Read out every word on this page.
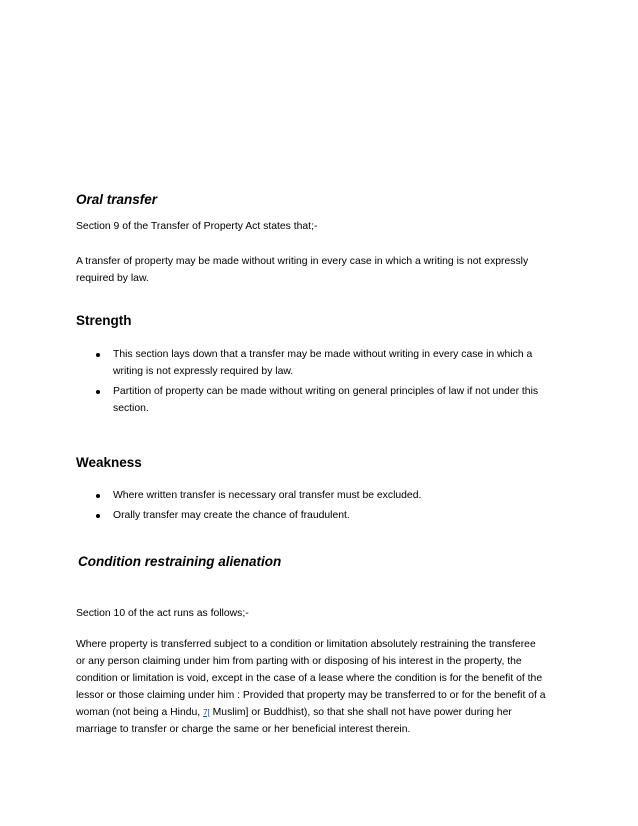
Oral transfer
Section 9 of the Transfer of Property Act states that;-
A transfer of property may be made without writing in every case in which a writing is not expressly required by law.
Strength
This section lays down that a transfer may be made without writing in every case in which a writing is not expressly required by law.
Partition of property can be made without writing on general principles of law if not under this section.
Weakness
Where written transfer is necessary oral transfer must be excluded.
Orally transfer may create the chance of fraudulent.
Condition restraining alienation
Section 10 of the act runs as follows;-
Where property is transferred subject to a condition or limitation absolutely restraining the transferee or any person claiming under him from parting with or disposing of his interest in the property, the condition or limitation is void, except in the case of a lease where the condition is for the benefit of the lessor or those claiming under him : Provided that property may be transferred to or for the benefit of a woman (not being a Hindu, $^{7[}$ Muslim] or Buddhist), so that she shall not have power during her marriage to transfer or charge the same or her beneficial interest therein.
